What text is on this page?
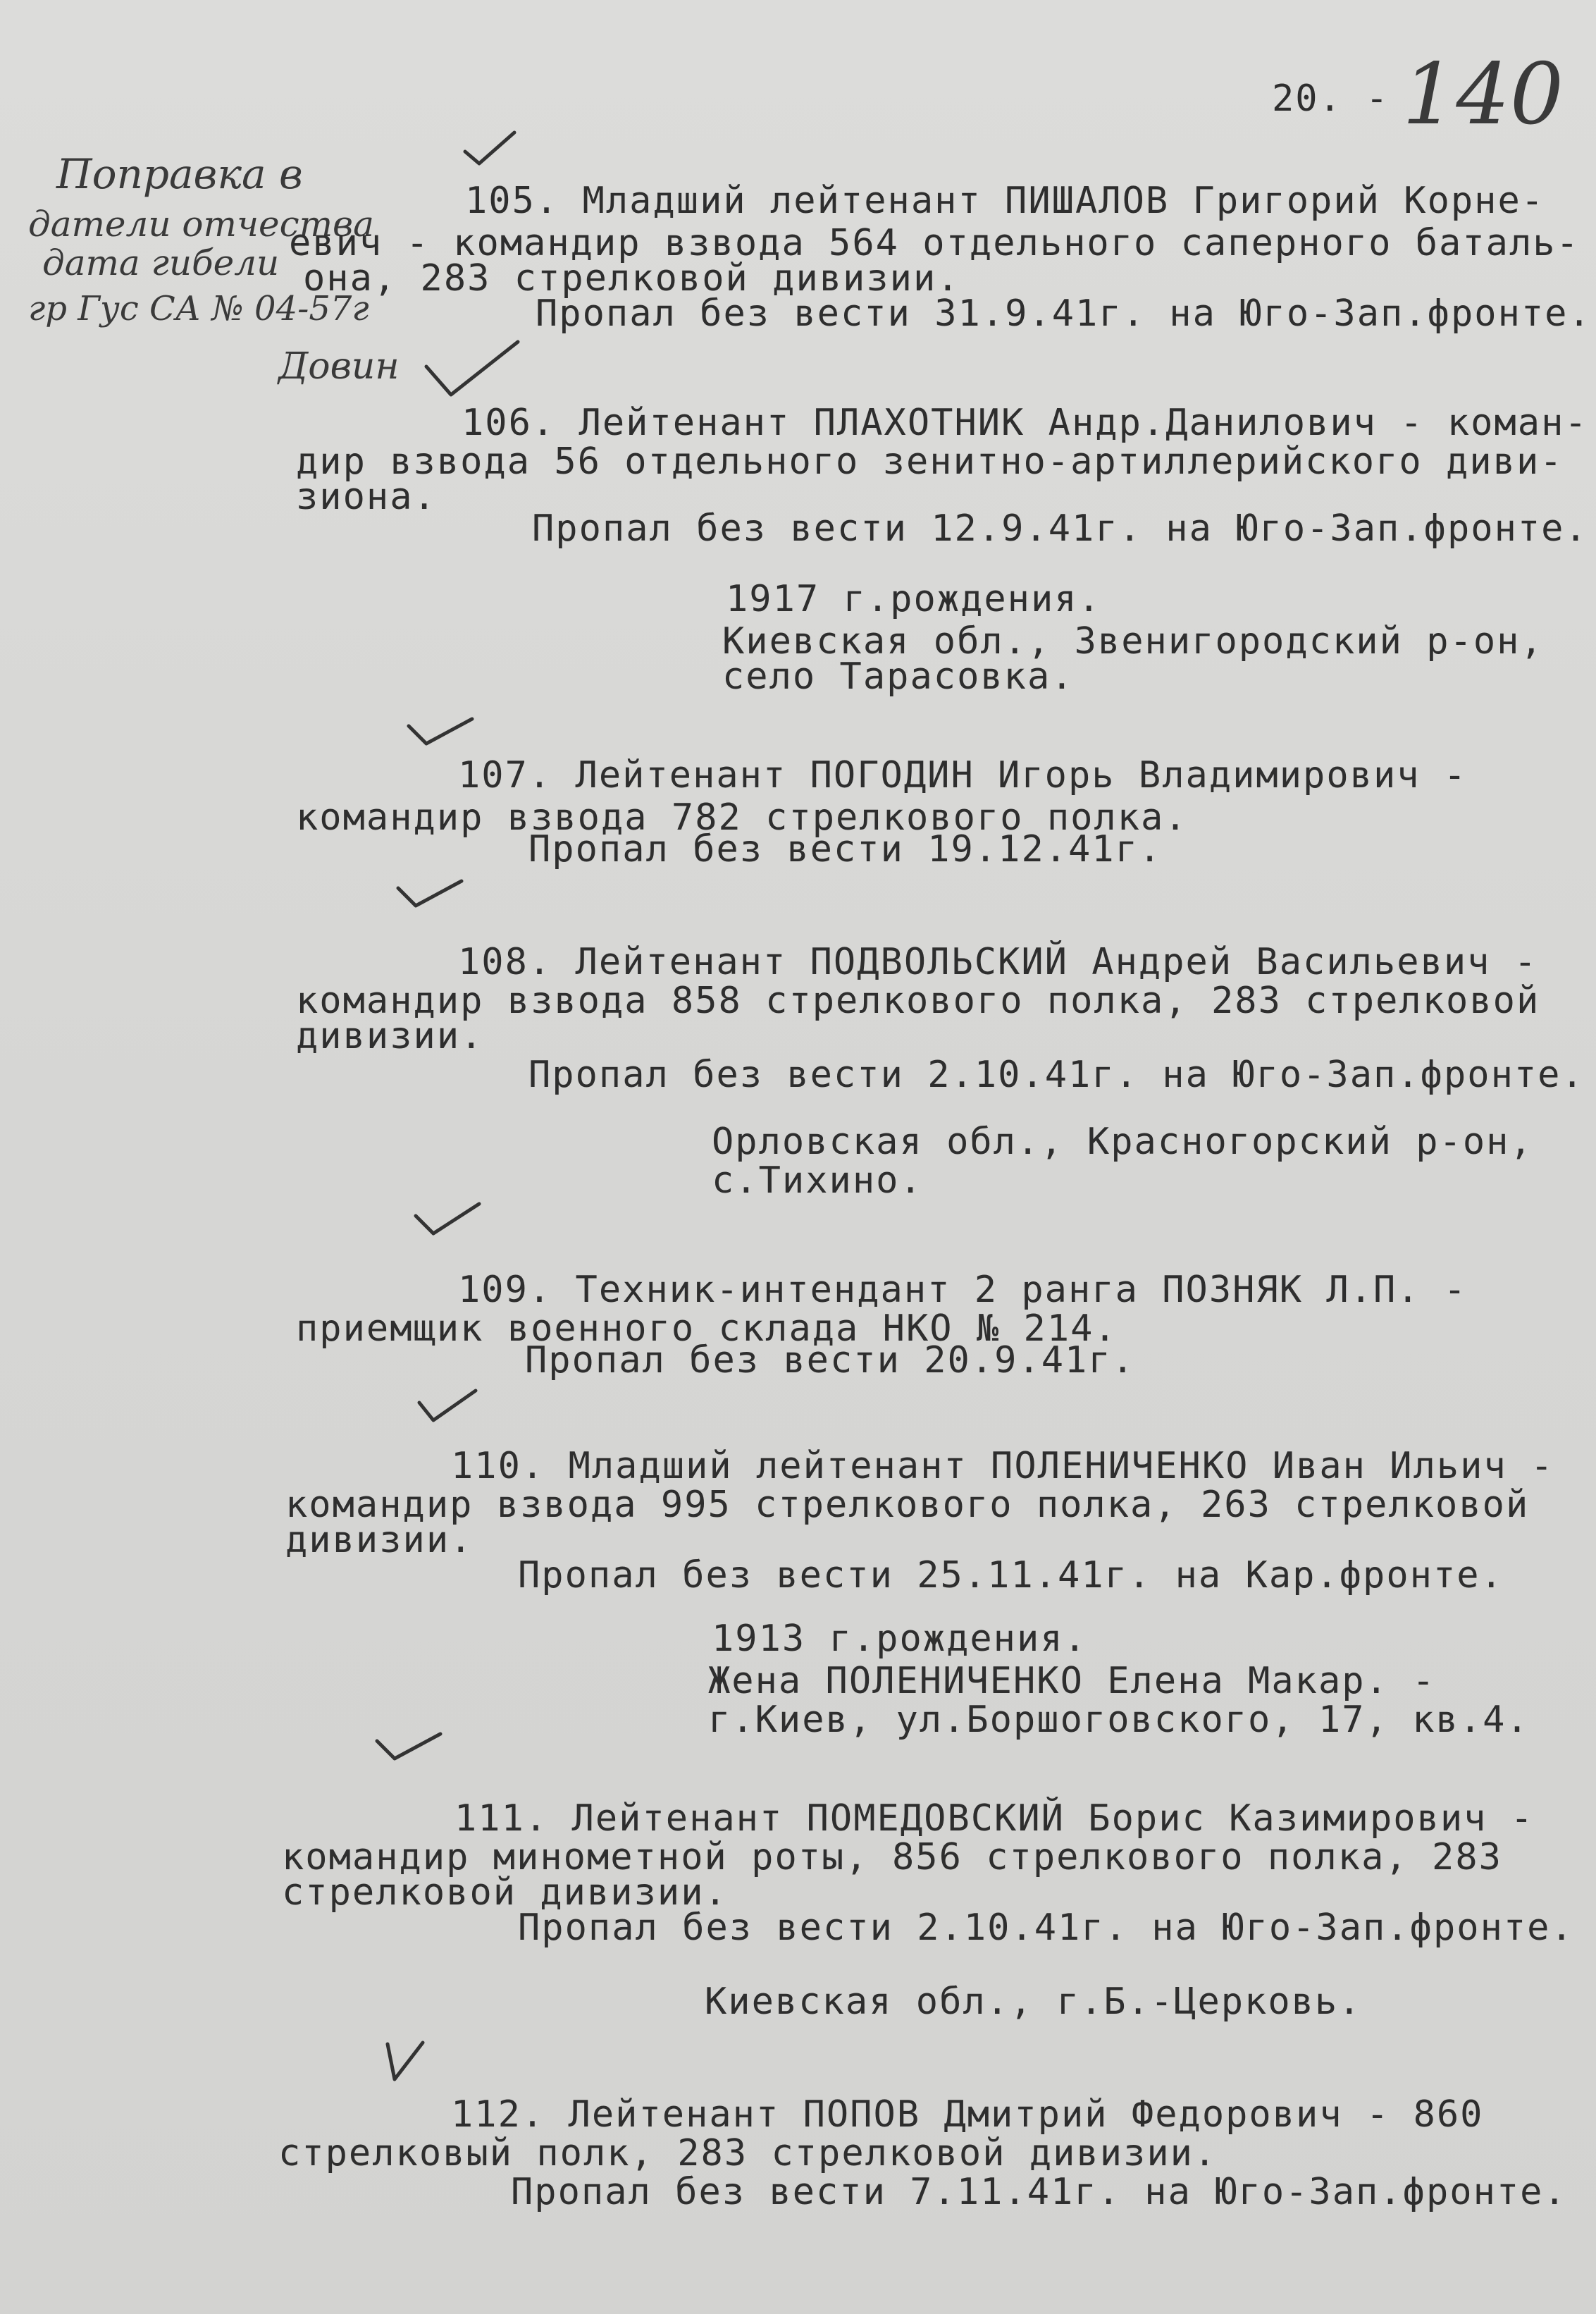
20. - 140
Поправка в
датели отчества
дата гибели
гр Гус СА № 04-57г
Довин
105. Младший лейтенант ПИШАЛОВ Григорий Корне-
евич - командир взвода 564 отдельного саперного баталь-
она, 283 стрелковой дивизии.
Пропал без вести 31.9.41г. на Юго-Зап.фронте.
106. Лейтенант ПЛАХОТНИК Андр.Данилович - коман-
дир взвода 56 отдельного зенитно-артиллерийского диви-
зиона.
Пропал без вести 12.9.41г. на Юго-Зап.фронте.
1917 г.рождения.
Киевская обл., Звенигородский р-он,
село Тарасовка.
107. Лейтенант ПОГОДИН Игорь Владимирович -
командир взвода 782 стрелкового полка.
Пропал без вести 19.12.41г.
108. Лейтенант ПОДВОЛЬСКИЙ Андрей Васильевич -
командир взвода 858 стрелкового полка, 283 стрелковой
дивизии.
Пропал без вести 2.10.41г. на Юго-Зап.фронте.
Орловская обл., Красногорский р-он,
с.Тихино.
109. Техник-интендант 2 ранга ПОЗНЯК Л.П. -
приемщик военного склада НКО № 214.
Пропал без вести 20.9.41г.
110. Младший лейтенант ПОЛЕНИЧЕНКО Иван Ильич -
командир взвода 995 стрелкового полка, 263 стрелковой
дивизии.
Пропал без вести 25.11.41г. на Кар.фронте.
1913 г.рождения.
Жена ПОЛЕНИЧЕНКО Елена Макар. -
г.Киев, ул.Боршоговского, 17, кв.4.
111. Лейтенант ПОМЕДОВСКИЙ Борис Казимирович -
командир минометной роты, 856 стрелкового полка, 283
стрелковой дивизии.
Пропал без вести 2.10.41г. на Юго-Зап.фронте.
Киевская обл., г.Б.-Церковь.
112. Лейтенант ПОПОВ Дмитрий Федорович - 860
стрелковый полк, 283 стрелковой дивизии.
Пропал без вести 7.11.41г. на Юго-Зап.фронте.
